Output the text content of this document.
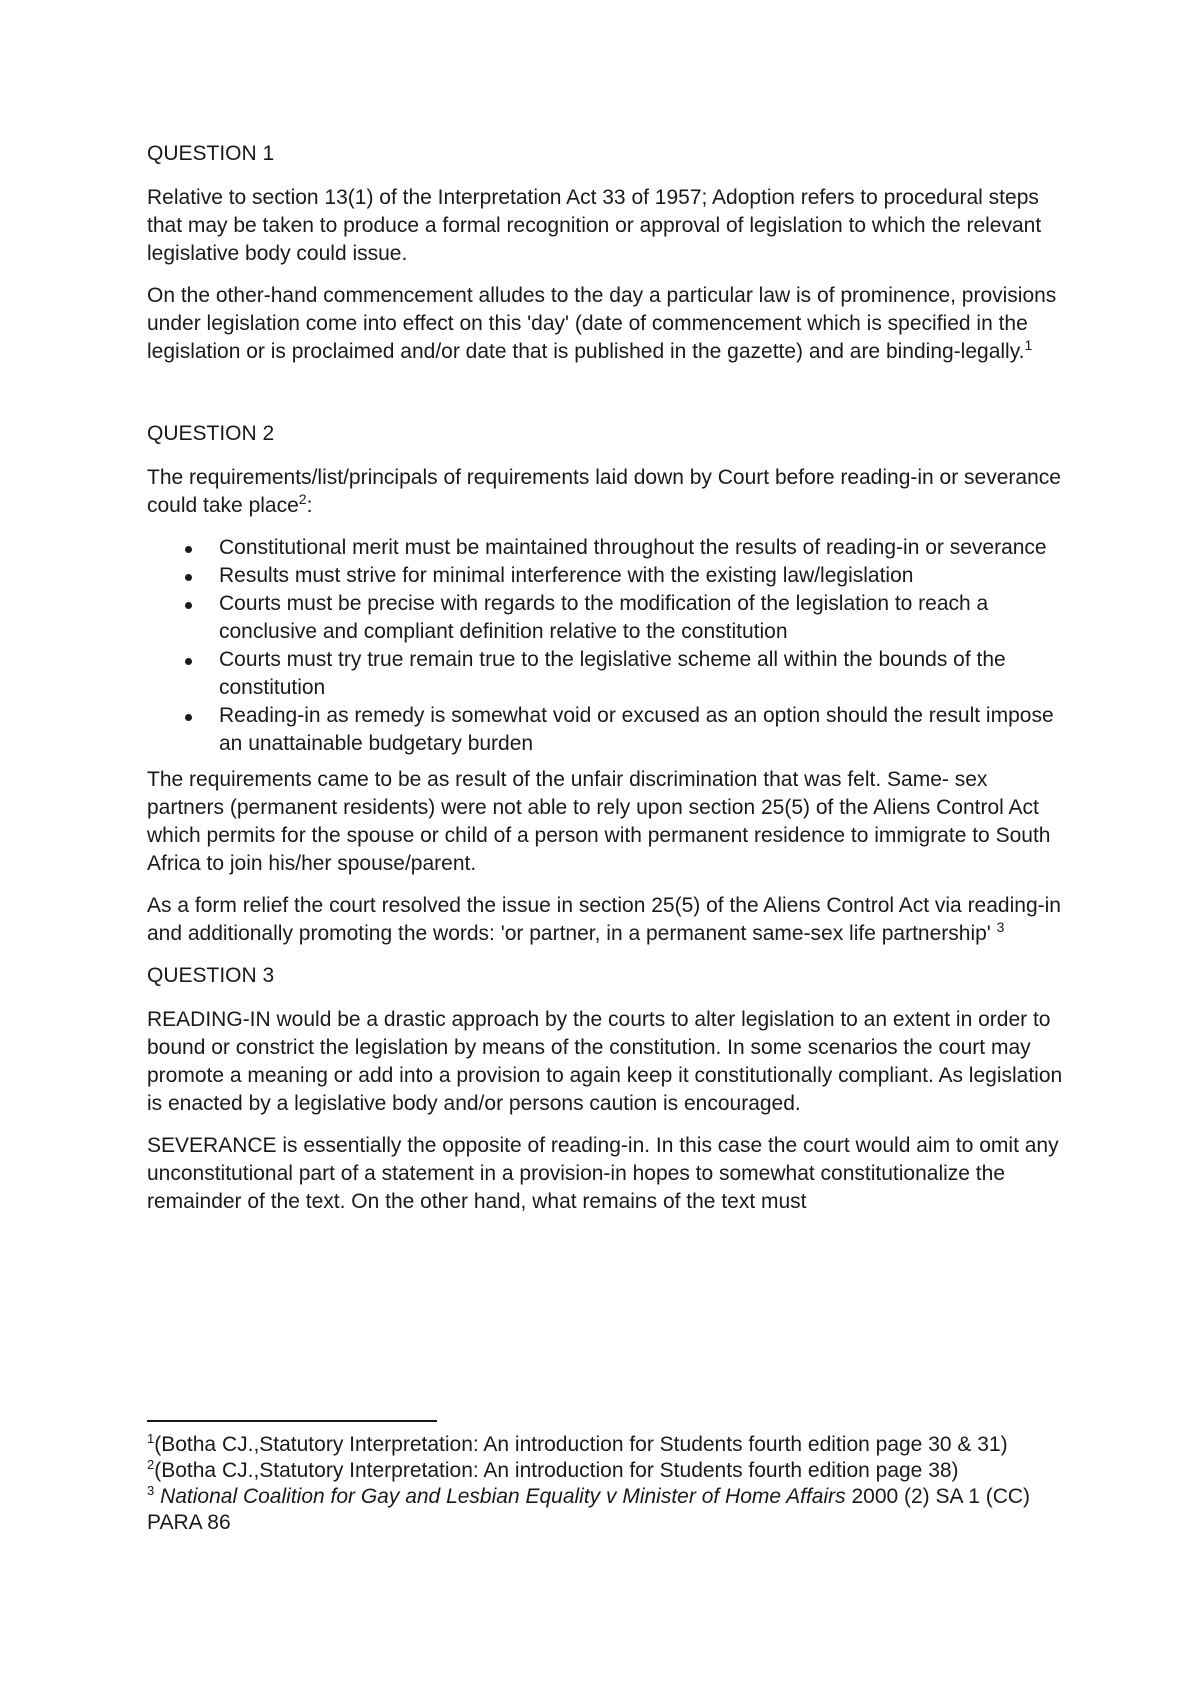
QUESTION 1

Relative to section 13(1) of the Interpretation Act 33 of 1957; Adoption refers to procedural steps that may be taken to produce a formal recognition or approval of legislation to which the relevant legislative body could issue.

On the other-hand commencement alludes to the day a particular law is of prominence, provisions under legislation come into effect on this 'day' (date of commencement which is specified in the legislation or is proclaimed and/or date that is published in the gazette) and are binding-legally.$^1$

QUESTION 2

The requirements/list/principals of requirements laid down by Court before reading-in or severance could take place$^2$:

Constitutional merit must be maintained throughout the results of reading-in or severance
Results must strive for minimal interference with the existing law/legislation
Courts must be precise with regards to the modification of the legislation to reach a conclusive and compliant definition relative to the constitution
Courts must try true remain true to the legislative scheme all within the bounds of the constitution
Reading-in as remedy is somewhat void or excused as an option should the result impose an unattainable budgetary burden

The requirements came to be as result of the unfair discrimination that was felt. Same- sex partners (permanent residents) were not able to rely upon section 25(5) of the Aliens Control Act which permits for the spouse or child of a person with permanent residence to immigrate to South Africa to join his/her spouse/parent.

As a form relief the court resolved the issue in section 25(5) of the Aliens Control Act via reading-in and additionally promoting the words: 'or partner, in a permanent same-sex life partnership' $^3$

QUESTION 3

READING-IN would be a drastic approach by the courts to alter legislation to an extent in order to bound or constrict the legislation by means of the constitution. In some scenarios the court may promote a meaning or add into a provision to again keep it constitutionally compliant. As legislation is enacted by a legislative body and/or persons caution is encouraged.

SEVERANCE is essentially the opposite of reading-in. In this case the court would aim to omit any unconstitutional part of a statement in a provision-in hopes to somewhat constitutionalize the remainder of the text. On the other hand, what remains of the text must

$^1$(Botha CJ.,Statutory Interpretation: An introduction for Students fourth edition page 30 & 31)

$^2$(Botha CJ.,Statutory Interpretation: An introduction for Students fourth edition page 38)

$^3$ National Coalition for Gay and Lesbian Equality v Minister of Home Affairs 2000 (2) SA 1 (CC) PARA 86
